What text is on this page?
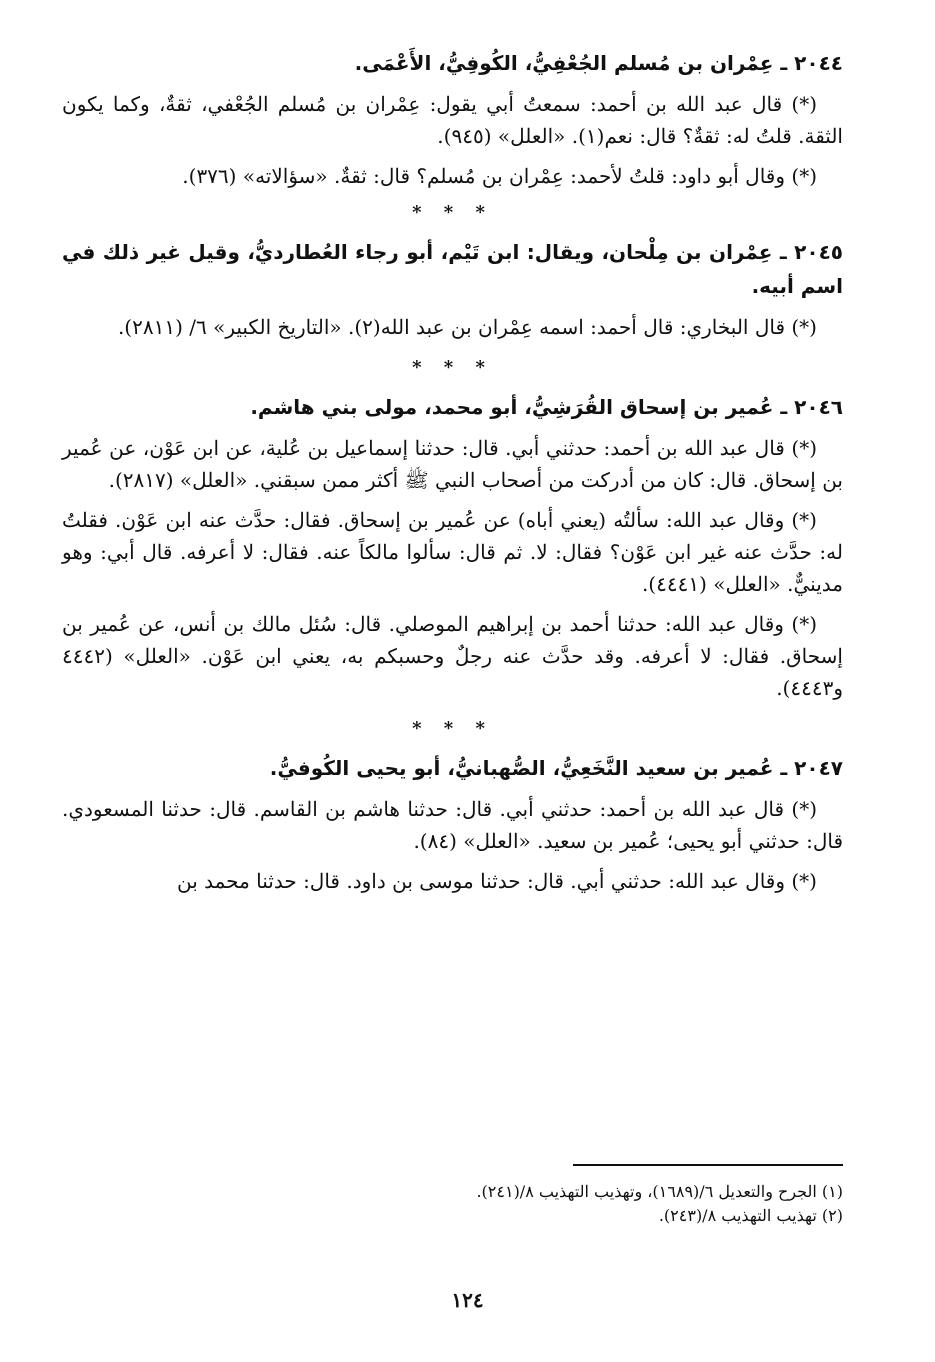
٢٠٤٤ ـ عِمْران بن مُسلم الجُعْفِيُّ، الكُوفِيُّ، الأَعْمَى.

(*) قال عبد الله بن أحمد: سمعتُ أبي يقول: عِمْران بن مُسلم الجُعْفي، ثقةٌ، وكما يكون الثقة. قلتُ له: ثقةٌ؟ قال: نعم(١). «العلل» (٩٤٥).

(*) وقال أبو داود: قلتُ لأحمد: عِمْران بن مُسلم؟ قال: ثقةٌ. «سؤالاته» (٣٧٦).

* * *
٢٠٤٥ ـ عِمْران بن مِلْحان، ويقال: ابن تَيْم، أبو رجاء العُطارديُّ، وقيل غير ذلك في اسم أبيه.

(*) قال البخاري: قال أحمد: اسمه عِمْران بن عبد الله(٢). «التاريخ الكبير» ٦/ (٢٨١١).

* * *
٢٠٤٦ ـ عُمير بن إسحاق القُرَشِيُّ، أبو محمد، مولى بني هاشم.

(*) قال عبد الله بن أحمد: حدثني أبي. قال: حدثنا إسماعيل بن عُلية، عن ابن عَوْن، عن عُمير بن إسحاق. قال: كان من أدركت من أصحاب النبي ﷺ أكثر ممن سبقني. «العلل» (٢٨١٧).

(*) وقال عبد الله: سألتُه (يعني أباه) عن عُمير بن إسحاق. فقال: حدَّث عنه ابن عَوْن. فقلتُ له: حدَّث عنه غير ابن عَوْن؟ فقال: لا. ثم قال: سألوا مالكاً عنه. فقال: لا أعرفه. قال أبي: وهو مدينيٌّ. «العلل» (٤٤٤١).

(*) وقال عبد الله: حدثنا أحمد بن إبراهيم الموصلي. قال: سُئل مالك بن أنس، عن عُمير بن إسحاق. فقال: لا أعرفه. وقد حدَّث عنه رجلٌ وحسبكم به، يعني ابن عَوْن. «العلل» (٤٤٤٢ و٤٤٤٣).

* * *
٢٠٤٧ ـ عُمير بن سعيد النَّخَعِيُّ، الصُّهبانيُّ، أبو يحيى الكُوفيُّ.

(*) قال عبد الله بن أحمد: حدثني أبي. قال: حدثنا هاشم بن القاسم. قال: حدثنا المسعودي. قال: حدثني أبو يحيى؛ عُمير بن سعيد. «العلل» (٨٤).

(*) وقال عبد الله: حدثني أبي. قال: حدثنا موسى بن داود. قال: حدثنا محمد بن

(١) الجرح والتعديل ٦/(١٦٨٩)، وتهذيب التهذيب ٨/(٢٤١).

(٢) تهذيب التهذيب ٨/(٢٤٣).

١٢٤
